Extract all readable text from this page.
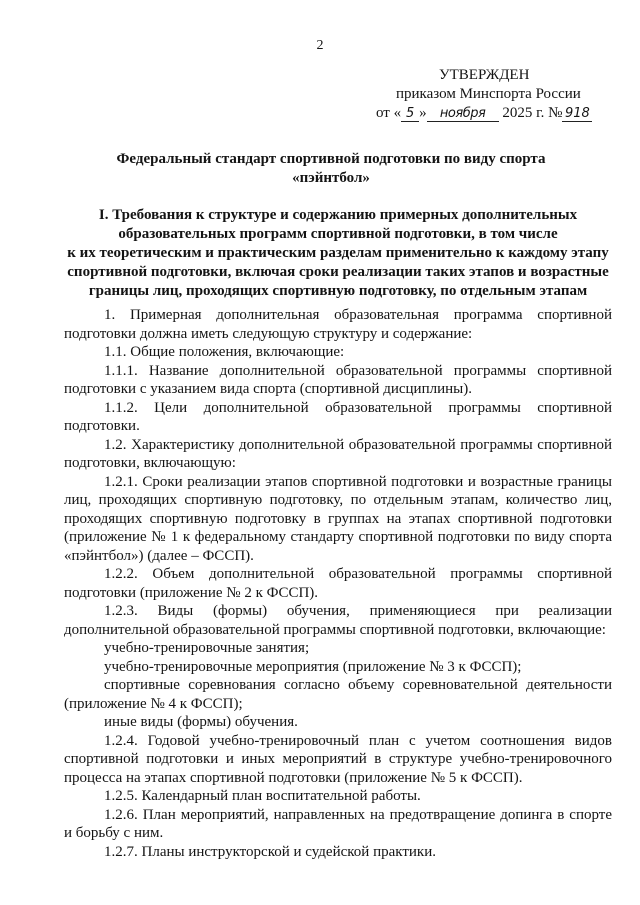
2
УТВЕРЖДЕН
приказом Минспорта России
от « 5 » ноября 2025 г. № 918
Федеральный стандарт спортивной подготовки по виду спорта
«пэйнтбол»
I. Требования к структуре и содержанию примерных дополнительных
образовательных программ спортивной подготовки, в том числе
к их теоретическим и практическим разделам применительно к каждому этапу
спортивной подготовки, включая сроки реализации таких этапов и возрастные
границы лиц, проходящих спортивную подготовку, по отдельным этапам

1. Примерная дополнительная образовательная программа спортивной подготовки должна иметь следующую структуру и содержание:

1.1. Общие положения, включающие:

1.1.1. Название дополнительной образовательной программы спортивной подготовки с указанием вида спорта (спортивной дисциплины).

1.1.2. Цели дополнительной образовательной программы спортивной подготовки.

1.2. Характеристику дополнительной образовательной программы спортивной подготовки, включающую:

1.2.1. Сроки реализации этапов спортивной подготовки и возрастные границы лиц, проходящих спортивную подготовку, по отдельным этапам, количество лиц, проходящих спортивную подготовку в группах на этапах спортивной подготовки (приложение № 1 к федеральному стандарту спортивной подготовки по виду спорта «пэйнтбол») (далее – ФССП).

1.2.2. Объем дополнительной образовательной программы спортивной подготовки (приложение № 2 к ФССП).

1.2.3. Виды (формы) обучения, применяющиеся при реализации дополнительной образовательной программы спортивной подготовки, включающие:

учебно-тренировочные занятия;

учебно-тренировочные мероприятия (приложение № 3 к ФССП);

спортивные соревнования согласно объему соревновательной деятельности (приложение № 4 к ФССП);

иные виды (формы) обучения.

1.2.4. Годовой учебно-тренировочный план с учетом соотношения видов спортивной подготовки и иных мероприятий в структуре учебно-тренировочного процесса на этапах спортивной подготовки (приложение № 5 к ФССП).

1.2.5. Календарный план воспитательной работы.

1.2.6. План мероприятий, направленных на предотвращение допинга в спорте и борьбу с ним.

1.2.7. Планы инструкторской и судейской практики.
